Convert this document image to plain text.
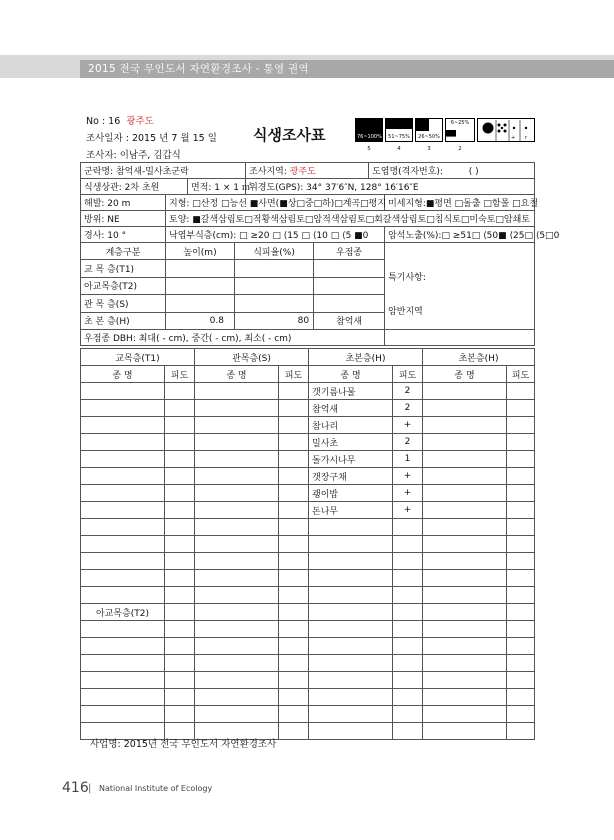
2015 전국 무인도서 자연환경조사 - 통영 권역
No : 16 광주도
조사일자 : 2015 년 7 월 15 일
조사자: 이남주, 김갑식
식생조사표	76~100% 51~75% 26~50%
6~25%
5	4	3	2
+ r
군락명: 참억새-밀사초군락				조사지역: 광주도		도엽명(격자번호): ( )	
식생상관: 2차 초원		면적: 1 × 1 ㎡		위경도(GPS): 34° 37′6″N, 128° 16′16″E			
해발: 20 m	지형: □산정 □능선 ■사면(■상□중□하)□계곡□평지						미세지형:■평면 □돌출 □함몰 □요철
방위: NE	토양: ■갈색삼림토□적황색삼림토□암적색삼림토□회갈색삼림토□침식토□미숙토□암쇄토						
경사: 10 °	낙엽부식층(cm): □ ≥20 □ ⟨15 □ ⟨10 □ ⟨5 ■0						암석노출(%):□ ≥51□ ⟨50■ ⟨25□ ⟨5□0
계층구분	높이(m)		식피율(%)		우점종		특기사항:
암반지역

교 목 층(T1)							
아교목층(T2)							
관 목 층(S)							
초 본 층(H)	0.8		80		참억새		
우점종 DBH: 최대( - cm), 중간( - cm), 최소( - cm)							
교목층(T1)		관목층(S)		초본층(H)		초본층(H)	
종 명	피도	종 명	피도	종 명	피도	종 명	피도
				갯기름나물	2		
				참억새	2		
				참나리	+		
				밀사초	2		
				돌가시나무	1		
				갯장구채	+		
				괭이밥	+		
				돈나무	+		

아교목층(T2)							

사업명: 2015년 전국 무인도서 자연환경조사
416 | National Institute of Ecology
